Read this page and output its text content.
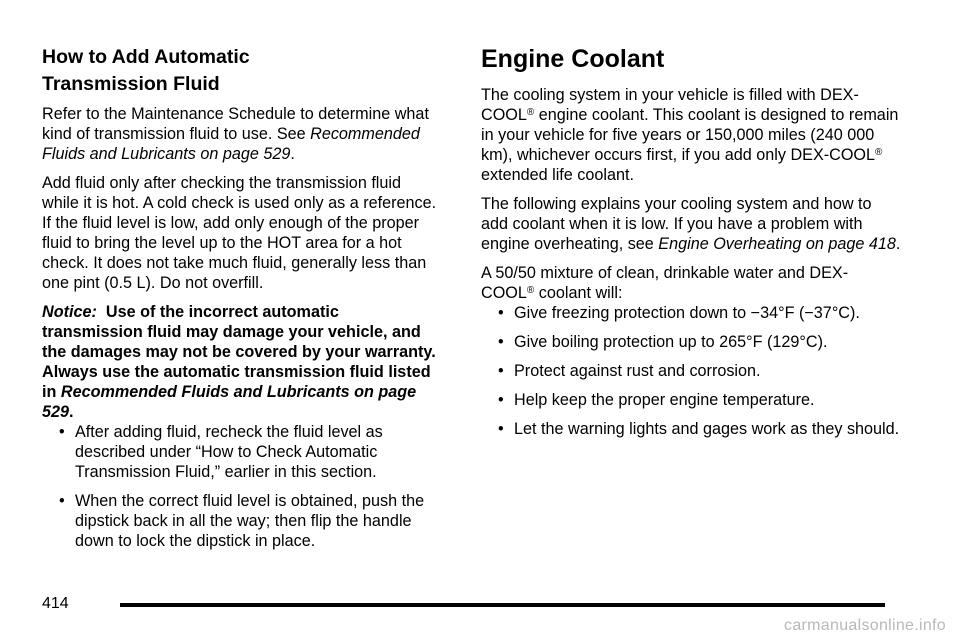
How to Add Automatic
Transmission Fluid

Refer to the Maintenance Schedule to determine what kind of transmission fluid to use. See Recommended Fluids and Lubricants on page 529.

Add fluid only after checking the transmission fluid while it is hot. A cold check is used only as a reference. If the fluid level is low, add only enough of the proper fluid to bring the level up to the HOT area for a hot check. It does not take much fluid, generally less than one pint (0.5 L). Do not overfill.

Notice: Use of the incorrect automatic transmission fluid may damage your vehicle, and the damages may not be covered by your warranty. Always use the automatic transmission fluid listed in Recommended Fluids and Lubricants on page 529.

• After adding fluid, recheck the fluid level as described under “How to Check Automatic Transmission Fluid,” earlier in this section.
• When the correct fluid level is obtained, push the dipstick back in all the way; then flip the handle down to lock the dipstick in place.
Engine Coolant

The cooling system in your vehicle is filled with DEX-COOL® engine coolant. This coolant is designed to remain in your vehicle for five years or 150,000 miles (240 000 km), whichever occurs first, if you add only DEX-COOL® extended life coolant.

The following explains your cooling system and how to add coolant when it is low. If you have a problem with engine overheating, see Engine Overheating on page 418.

A 50/50 mixture of clean, drinkable water and DEX-COOL® coolant will:

• Give freezing protection down to −34°F (−37°C).
• Give boiling protection up to 265°F (129°C).
• Protect against rust and corrosion.
• Help keep the proper engine temperature.
• Let the warning lights and gages work as they should.
414
carmanualsonline.info
